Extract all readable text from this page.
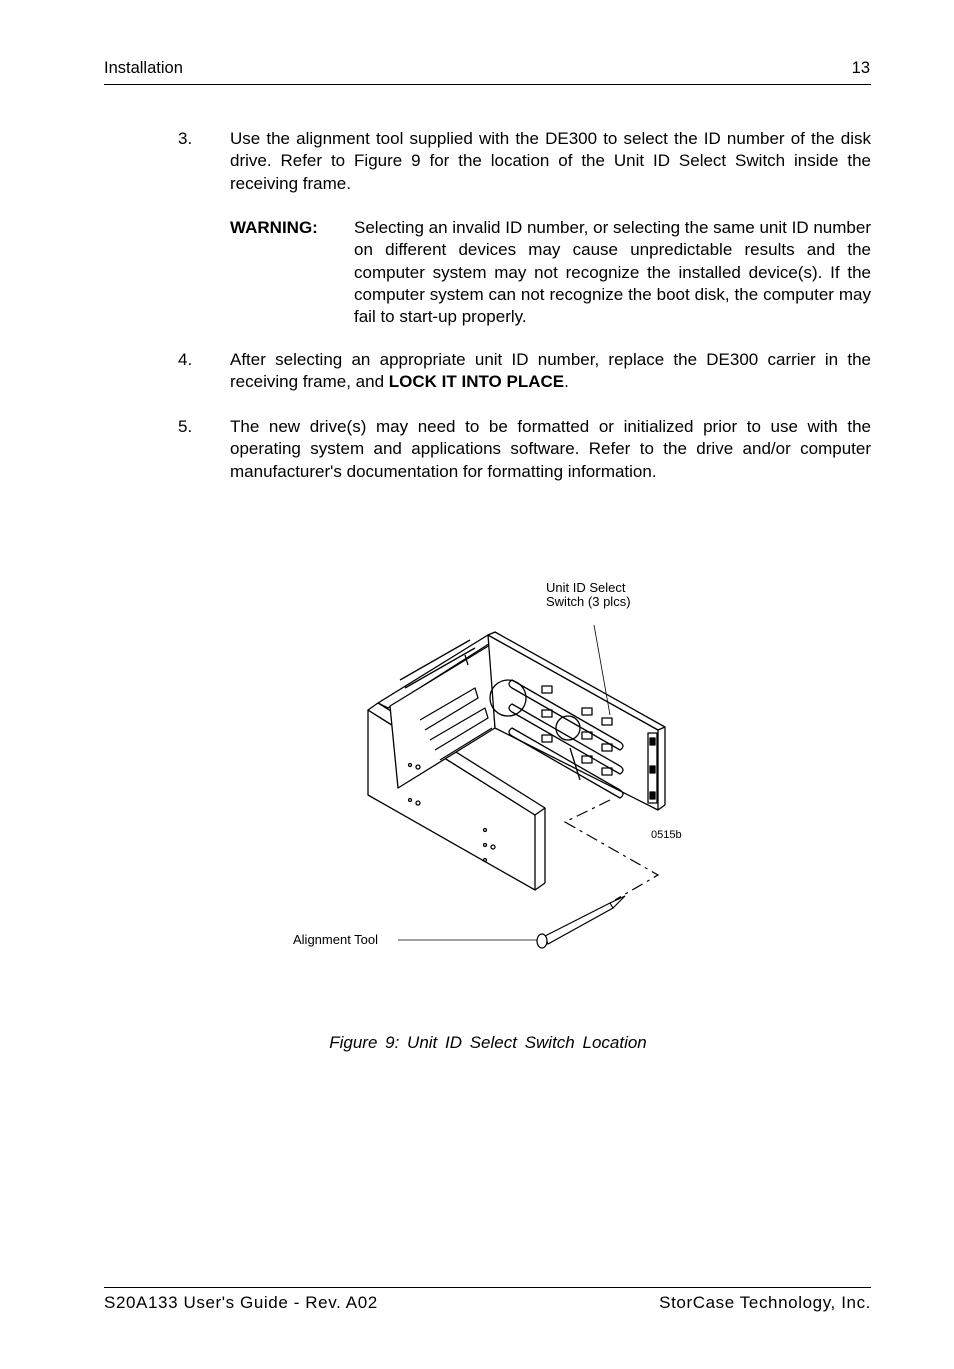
Installation	13
3. Use the alignment tool supplied with the DE300 to select the ID number of the disk drive. Refer to Figure 9 for the location of the Unit ID Select Switch inside the receiving frame.
WARNING: Selecting an invalid ID number, or selecting the same unit ID number on different devices may cause unpredictable results and the computer system may not recognize the installed device(s). If the computer system can not recognize the boot disk, the computer may fail to start-up properly.
4. After selecting an appropriate unit ID number, replace the DE300 carrier in the receiving frame, and LOCK IT INTO PLACE.
5. The new drive(s) may need to be formatted or initialized prior to use with the operating system and applications software. Refer to the drive and/or computer manufacturer's documentation for formatting information.
Unit ID Select
Switch (3 plcs)
Alignment Tool
0515b
Figure 9: Unit ID Select Switch Location
S20A133 User's Guide - Rev. A02	StorCase Technology, Inc.
